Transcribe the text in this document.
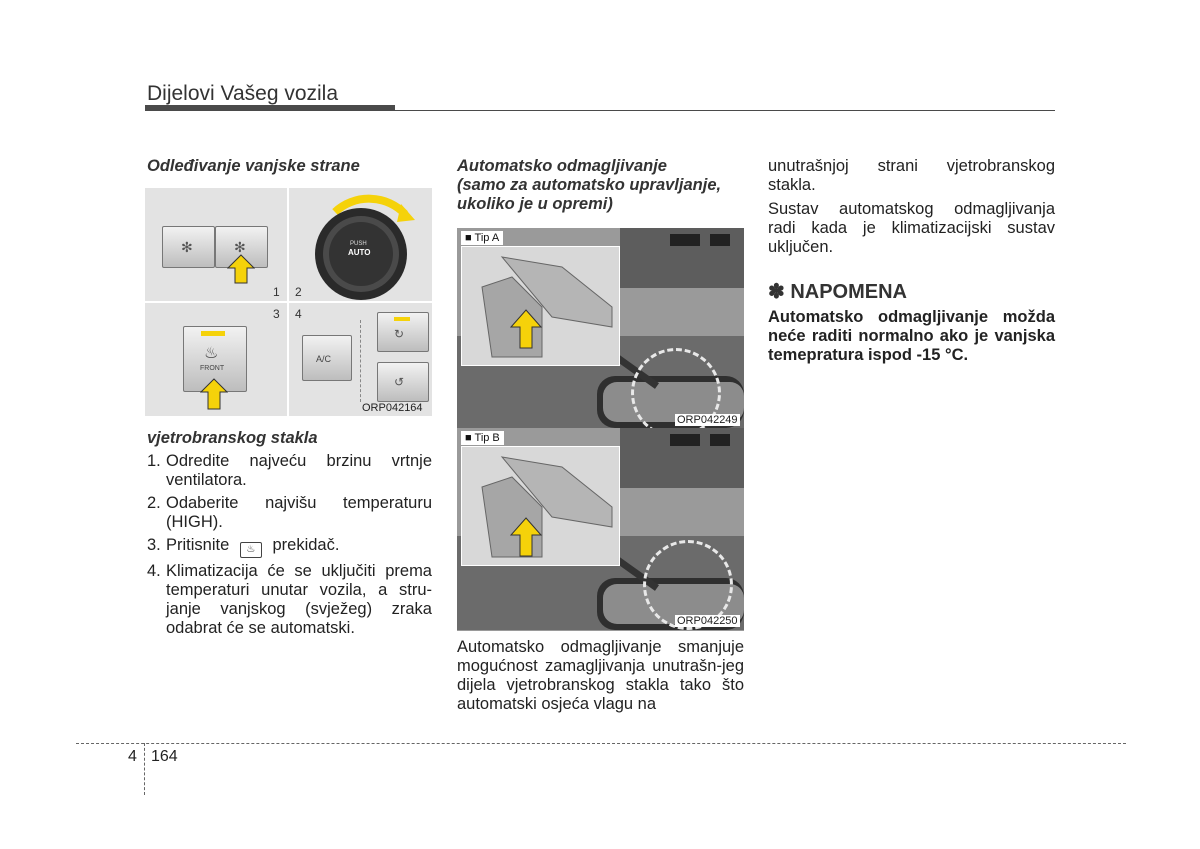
Dijelovi Vašeg vozila
Odleđivanje vanjske strane
✻	✻	PUSH
AUTO
1 2
3 4
♨
FRONT
A/C
↻
↺
ORP042164
vjetrobranskog stakla
1. Odredite najveću brzinu vrtnje ventilatora.
2. Odaberite najvišu temperaturu (HIGH).
3. Pritisnite ♨ prekidač.
4. Klimatizacija će se uključiti prema temperaturi unutar vozila, a stru-janje vanjskog (svježeg) zraka odabrat će se automatski.
Automatsko odmagljivanje
(samo za automatsko upravljanje,
ukoliko je u opremi)
■ Tip A
ORP042249
■ Tip B
ORP042250
Automatsko odmagljivanje smanjuje mogućnost zamagljivanja unutrašn-jeg dijela vjetrobranskog stakla tako što automatski osjeća vlagu na
unutrašnjoj strani vjetrobranskog stakla.
Sustav automatskog odmagljivanja radi kada je klimatizacijski sustav uključen.
✽ NAPOMENA
Automatsko odmagljivanje možda neće raditi normalno ako je vanjska temepratura ispod -15 °C.
4 164
